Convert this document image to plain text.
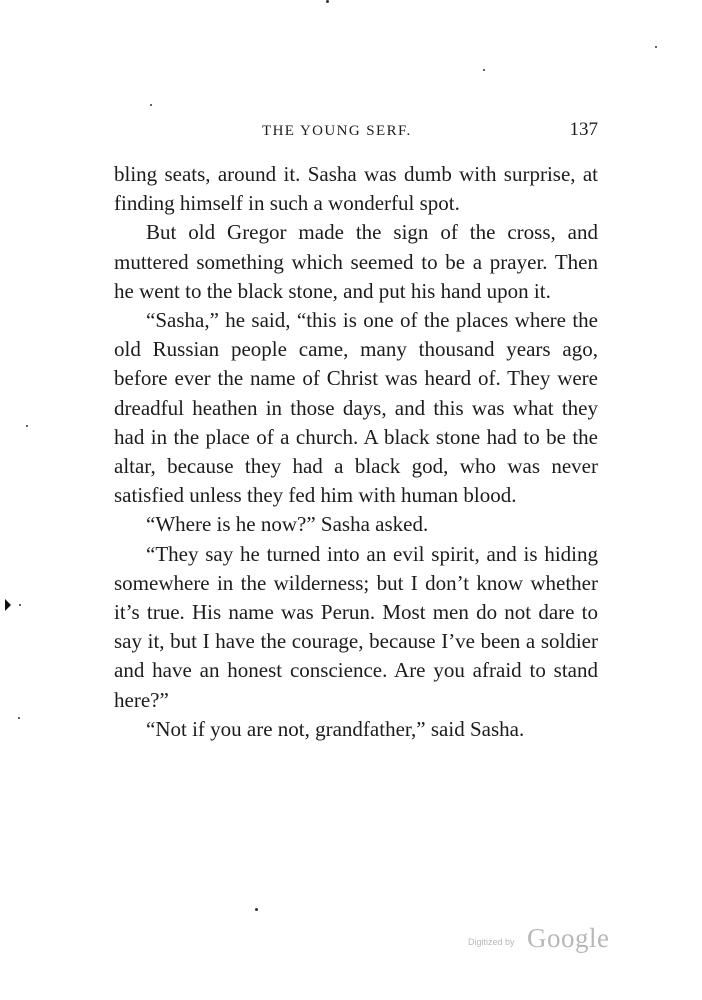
THE YOUNG SERF.	137

bling seats, around it. Sasha was dumb with surprise, at finding himself in such a wonderful spot.

But old Gregor made the sign of the cross, and muttered something which seemed to be a prayer. Then he went to the black stone, and put his hand upon it.

“Sasha,” he said, “this is one of the places where the old Russian people came, many thousand years ago, before ever the name of Christ was heard of. They were dreadful heathen in those days, and this was what they had in the place of a church. A black stone had to be the altar, because they had a black god, who was never satisfied unless they fed him with human blood.

“Where is he now?” Sasha asked.

“They say he turned into an evil spirit, and is hiding somewhere in the wilderness; but I don’t know whether it’s true. His name was Perun. Most men do not dare to say it, but I have the courage, because I’ve been a soldier and have an honest conscience. Are you afraid to stand here?”

“Not if you are not, grandfather,” said Sasha.

Digitized by Google
